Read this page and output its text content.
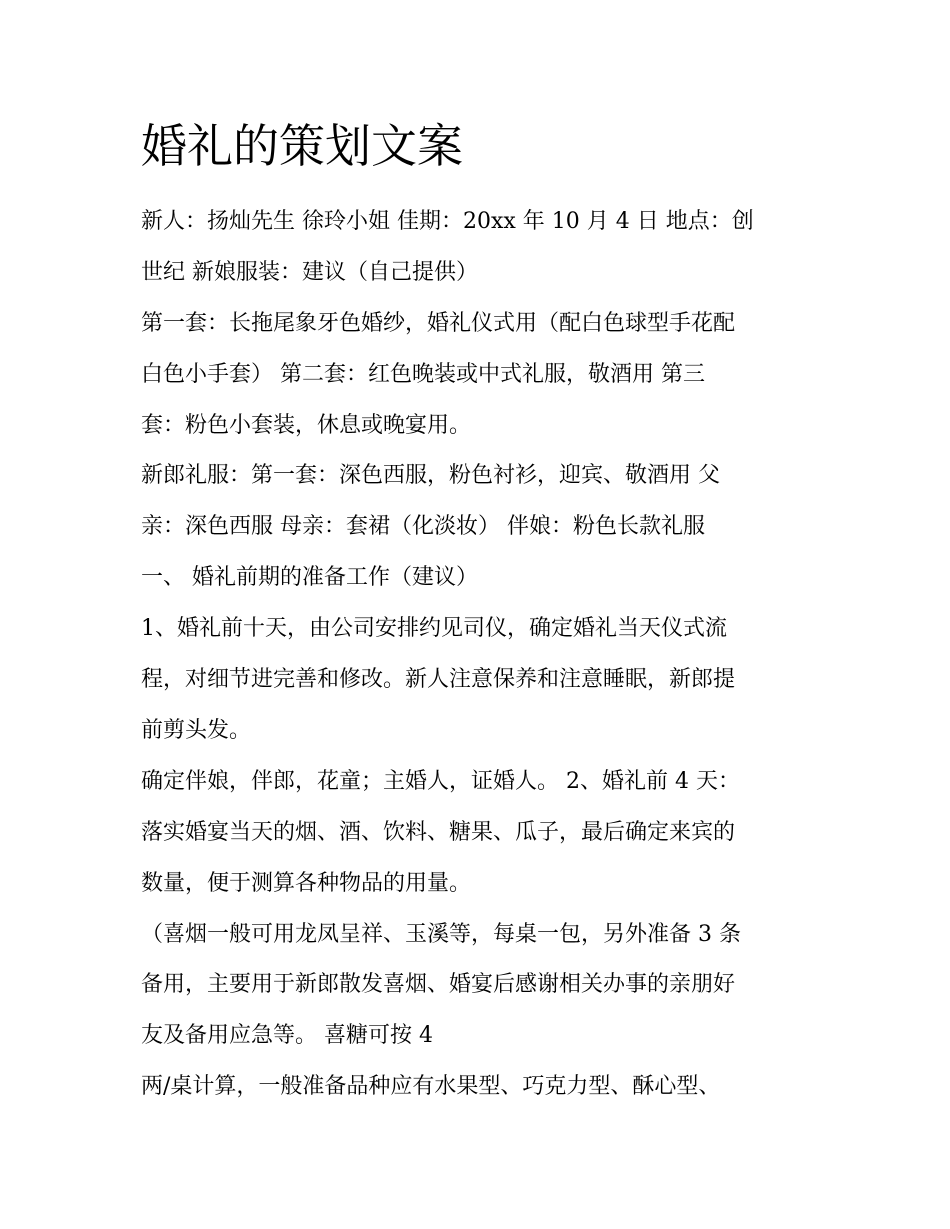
婚礼的策划文案
新人：扬灿先生 徐玲小姐 佳期：20xx 年 10 月 4 日 地点：创
世纪 新娘服装：建议（自己提供）
第一套：长拖尾象牙色婚纱，婚礼仪式用（配白色球型手花配
白色小手套） 第二套：红色晚装或中式礼服，敬酒用 第三
套：粉色小套装，休息或晚宴用。
新郎礼服：第一套：深色西服，粉色衬衫，迎宾、敬酒用 父
亲：深色西服 母亲：套裙（化淡妆） 伴娘：粉色长款礼服
一、 婚礼前期的准备工作（建议）
1、婚礼前十天，由公司安排约见司仪，确定婚礼当天仪式流
程，对细节进完善和修改。新人注意保养和注意睡眠，新郎提
前剪头发。
确定伴娘，伴郎，花童；主婚人，证婚人。 2、婚礼前 4 天：
落实婚宴当天的烟、酒、饮料、糖果、瓜子，最后确定来宾的
数量，便于测算各种物品的用量。
（喜烟一般可用龙凤呈祥、玉溪等，每桌一包，另外准备 3 条
备用，主要用于新郎散发喜烟、婚宴后感谢相关办事的亲朋好
友及备用应急等。 喜糖可按 4
两/桌计算，一般准备品种应有水果型、巧克力型、酥心型、
